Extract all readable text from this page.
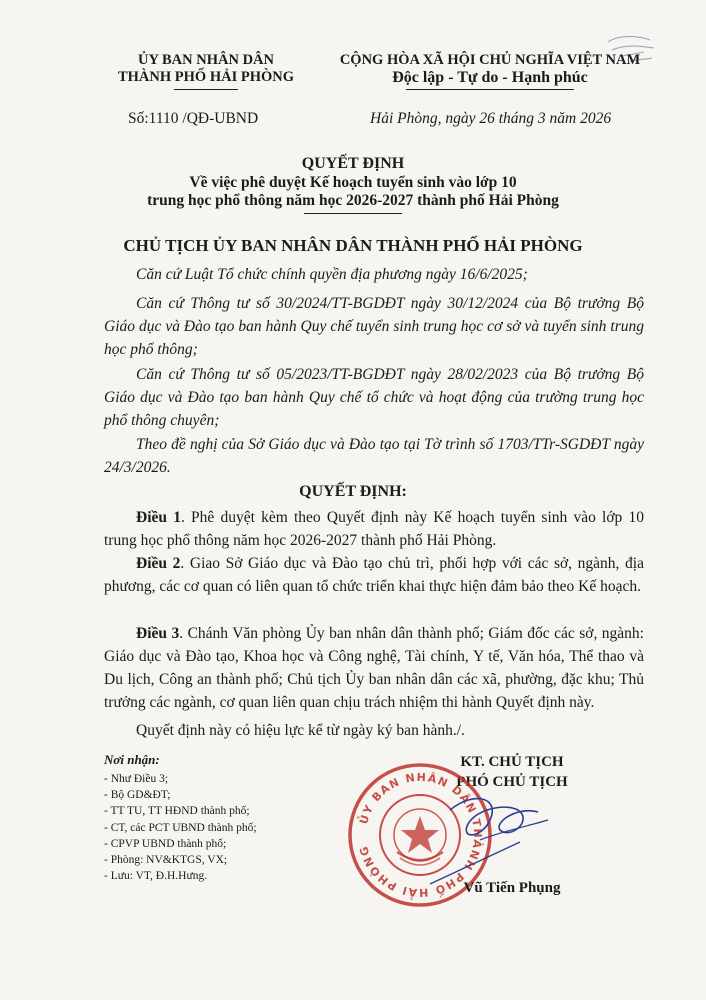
ỦY BAN NHÂN DÂN
THÀNH PHỐ HẢI PHÒNG
CỘNG HÒA XÃ HỘI CHỦ NGHĨA VIỆT NAM
Độc lập - Tự do - Hạnh phúc
Số:1110 /QĐ-UBND	Hải Phòng, ngày 26 tháng 3 năm 2026
QUYẾT ĐỊNH
Về việc phê duyệt Kế hoạch tuyển sinh vào lớp 10
trung học phổ thông năm học 2026-2027 thành phố Hải Phòng
CHỦ TỊCH ỦY BAN NHÂN DÂN THÀNH PHỐ HẢI PHÒNG
Căn cứ Luật Tổ chức chính quyền địa phương ngày 16/6/2025;
Căn cứ Thông tư số 30/2024/TT-BGDĐT ngày 30/12/2024 của Bộ trưởng Bộ Giáo dục và Đào tạo ban hành Quy chế tuyển sinh trung học cơ sở và tuyển sinh trung học phổ thông;
Căn cứ Thông tư số 05/2023/TT-BGDĐT ngày 28/02/2023 của Bộ trưởng Bộ Giáo dục và Đào tạo ban hành Quy chế tổ chức và hoạt động của trường trung học phổ thông chuyên;
Theo đề nghị của Sở Giáo dục và Đào tạo tại Tờ trình số 1703/TTr-SGDĐT ngày 24/3/2026.
QUYẾT ĐỊNH:
Điều 1. Phê duyệt kèm theo Quyết định này Kế hoạch tuyển sinh vào lớp 10 trung học phổ thông năm học 2026-2027 thành phố Hải Phòng.
Điều 2. Giao Sở Giáo dục và Đào tạo chủ trì, phối hợp với các sở, ngành, địa phương, các cơ quan có liên quan tổ chức triển khai thực hiện đảm bảo theo Kế hoạch.
Điều 3. Chánh Văn phòng Ủy ban nhân dân thành phố; Giám đốc các sở, ngành: Giáo dục và Đào tạo, Khoa học và Công nghệ, Tài chính, Y tế, Văn hóa, Thể thao và Du lịch, Công an thành phố; Chủ tịch Ủy ban nhân dân các xã, phường, đặc khu; Thủ trưởng các ngành, cơ quan liên quan chịu trách nhiệm thi hành Quyết định này.
Quyết định này có hiệu lực kể từ ngày ký ban hành./.
Nơi nhận:
- Như Điều 3;
- Bộ GD&ĐT;
- TT TU, TT HĐND thành phố;
- CT, các PCT UBND thành phố;
- CPVP UBND thành phố;
- Phòng: NV&KTGS, VX;
- Lưu: VT, Đ.H.Hưng.
KT. CHỦ TỊCH
PHÓ CHỦ TỊCH
ỦY BAN NHÂN DÂN THÀNH PHỐ HẢI PHÒNG
Vũ Tiến Phụng
